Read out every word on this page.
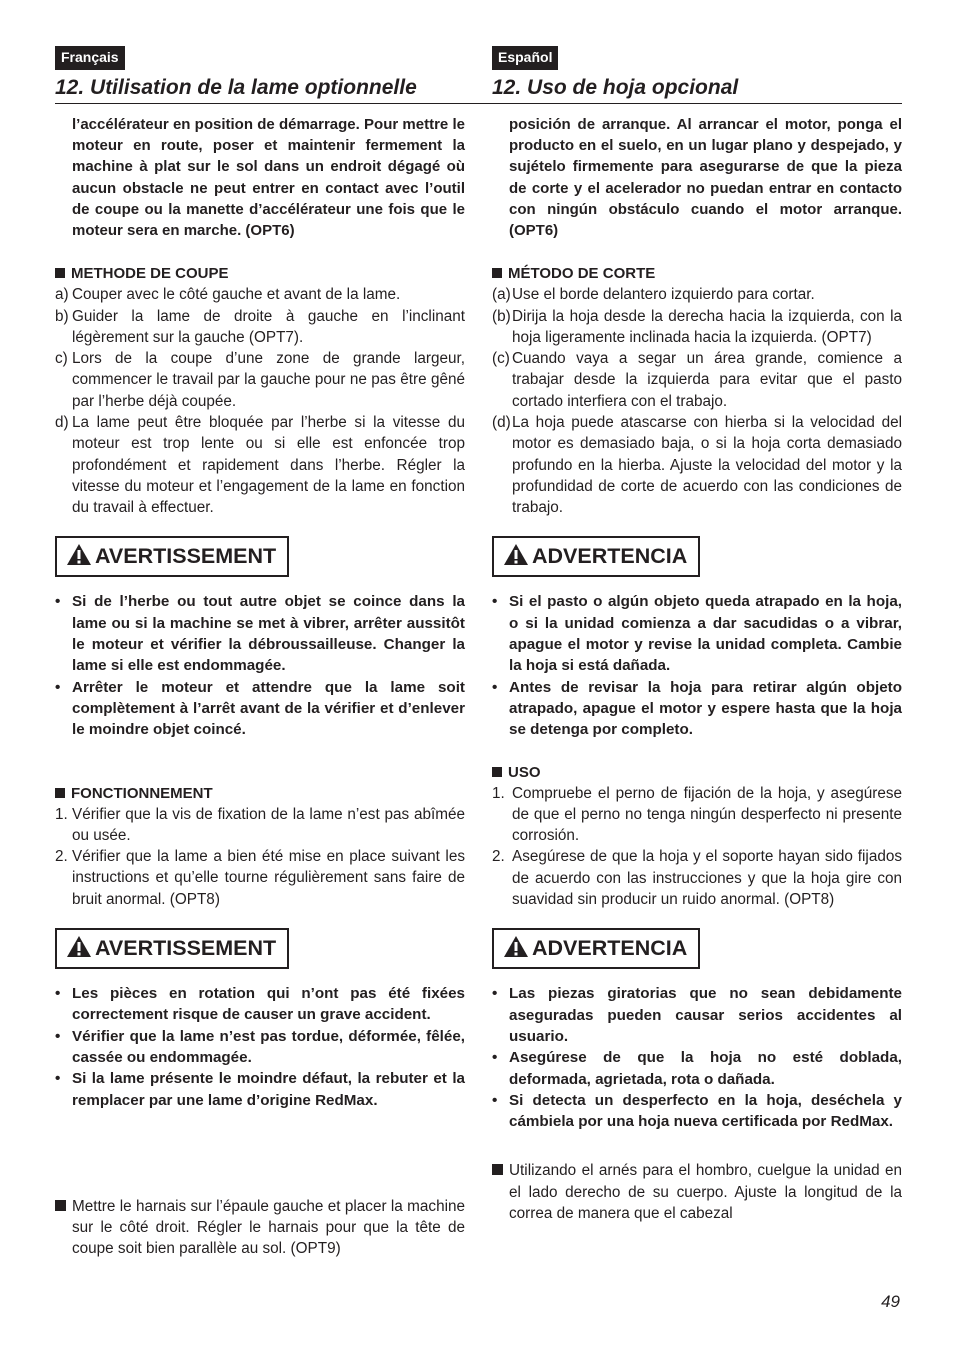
Français
12. Utilisation de la lame optionnelle

l’accélérateur en position de démarrage. Pour mettre le moteur en route, poser et maintenir fermement la machine à plat sur le sol dans un endroit dégagé où aucun obstacle ne peut entrer en contact avec l’outil de coupe ou la manette d’accélérateur une fois que le moteur sera en marche. (OPT6)

METHODE DE COUPE
a) Couper avec le côté gauche et avant de la lame.
b) Guider la lame de droite à gauche en l’inclinant légèrement sur la gauche (OPT7).
c) Lors de la coupe d’une zone de grande largeur, commencer le travail par la gauche pour ne pas être gêné par l’herbe déjà coupée.
d) La lame peut être bloquée par l’herbe si la vitesse du moteur est trop lente ou si elle est enfoncée trop profondément et rapidement dans l’herbe. Régler la vitesse du moteur et l’engagement de la lame en fonction du travail à effectuer.
AVERTISSEMENT
• Si de l’herbe ou tout autre objet se coince dans la lame ou si la machine se met à vibrer, arrêter aussitôt le moteur et vérifier la débroussailleuse. Changer la lame si elle est endommagée.
• Arrêter le moteur et attendre que la lame soit complètement à l’arrêt avant de la vérifier et d’enlever le moindre objet coincé.
FONCTIONNEMENT
1. Vérifier que la vis de fixation de la lame n’est pas abîmée ou usée.
2. Vérifier que la lame a bien été mise en place suivant les instructions et qu’elle tourne régulièrement sans faire de bruit anormal. (OPT8)
AVERTISSEMENT
• Les pièces en rotation qui n’ont pas été fixées correctement risque de causer un grave accident.
• Vérifier que la lame n’est pas tordue, déformée, fêlée, cassée ou endommagée.
• Si la lame présente le moindre défaut, la rebuter et la remplacer par une lame d’origine RedMax.
Mettre le harnais sur l’épaule gauche et placer la machine sur le côté droit. Régler le harnais pour que la tête de coupe soit bien parallèle au sol. (OPT9)
Español
12. Uso de hoja opcional

posición de arranque. Al arrancar el motor, ponga el producto en el suelo, en un lugar plano y despejado, y sujételo firmemente para asegurarse de que la pieza de corte y el acelerador no puedan entrar en contacto con ningún obstáculo cuando el motor arranque. (OPT6)

MÉTODO DE CORTE
(a) Use el borde delantero izquierdo para cortar.
(b) Dirija la hoja desde la derecha hacia la izquierda, con la hoja ligeramente inclinada hacia la izquierda. (OPT7)
(c) Cuando vaya a segar un área grande, comience a trabajar desde la izquierda para evitar que el pasto cortado interfiera con el trabajo.
(d) La hoja puede atascarse con hierba si la velocidad del motor es demasiado baja, o si la hoja corta demasiado profundo en la hierba. Ajuste la velocidad del motor y la profundidad de corte de acuerdo con las condiciones de trabajo.
ADVERTENCIA
• Si el pasto o algún objeto queda atrapado en la hoja, o si la unidad comienza a dar sacudidas o a vibrar, apague el motor y revise la unidad completa. Cambie la hoja si está dañada.
• Antes de revisar la hoja para retirar algún objeto atrapado, apague el motor y espere hasta que la hoja se detenga por completo.
USO
1. Compruebe el perno de fijación de la hoja, y asegúrese de que el perno no tenga ningún desperfecto ni presente corrosión.
2. Asegúrese de que la hoja y el soporte hayan sido fijados de acuerdo con las instrucciones y que la hoja gire con suavidad sin producir un ruido anormal. (OPT8)
ADVERTENCIA
• Las piezas giratorias que no sean debidamente aseguradas pueden causar serios accidentes al usuario.
• Asegúrese de que la hoja no esté doblada, deformada, agrietada, rota o dañada.
• Si detecta un desperfecto en la hoja, deséchela y cámbiela por una hoja nueva certificada por RedMax.
Utilizando el arnés para el hombro, cuelgue la unidad en el lado derecho de su cuerpo. Ajuste la longitud de la correa de manera que el cabezal
49
